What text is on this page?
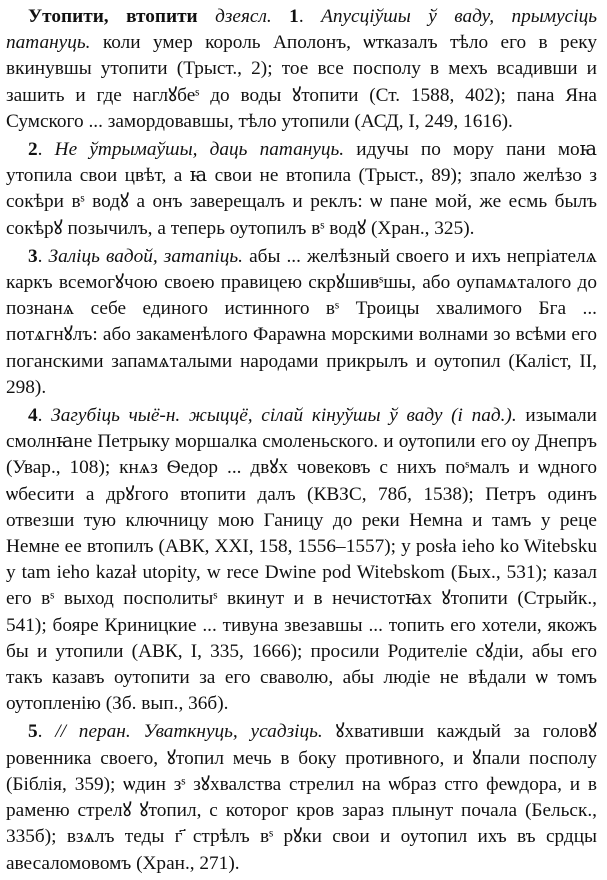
Утопити, втопити дзеясл. 1. Апусціўшы ў ваду, прымусіць патануць. коли умер король Аполонъ, ѡтказалъ тѣло его в реку вкинувшы утопити (Трыст., 2); тое все посполу в мехъ всадивши и зашить и где наглꙋбеˢ до воды ꙋтопити (Ст. 1588, 402); пана Яна Сумского ... замордовавшы, тѣло утопили (АСД, I, 249, 1616).

2. Не ўтрымаўшы, даць патануць. идучы по мору пани моꙗ утопила свои цвѣт, а ꙗ свои не втопила (Трыст., 89); зпало желѣзо з сокѣри вˢ водꙋ а онъ заверещалъ и реклъ: ѡ пане мой, же есмь былъ сокѣрꙋ позычилъ, а теперь оутопилъ вˢ водꙋ (Хран., 325).

3. Заліць вадой, затапіць. абы ... желѣзный своего и ихъ непріателѧ каркъ всемогꙋчою своею правицею скрꙋшивˢшы, або оупамѧталого до познанѧ себе единого истинного вˢ Троицы хвалимого Бга ... потѧгнꙋлъ: або закаменѣлого Фараѡна морскими волнами зо всѣми его поганскими запамѧталыми народами прикрылъ и оутопил (Каліст, II, 298).

4. Загубіць чыё-н. жыццё, сілай кінуўшы ў ваду (і пад.). изымали смолнꙗне Петрыку моршалка смоленьского. и оутопили его оу Днепръ (Увар., 108); кнѧз Ѳедор ... двꙋх човековъ с нихъ поˢмалъ и ѡдного ѡбесити а дрꙋгого втопити далъ (КВЗС, 78б, 1538); Петръ одинъ отвезши тую ключницу мою Ганицу до реки Немна и тамъ у реце Немне ее втопилъ (АВК, XXI, 158, 1556–1557); y posła ieho ko Witebsku y tam ieho kazał utopity, w rece Dwine pod Witebskom (Бых., 531); казал его вˢ выход посполитыˢ вкинут и в нечистотꙗх ꙋтопити (Стрыйк., 541); бояре Криницкие ... тивуна звезавшы ... топить его хотели, якожъ бы и утопили (АВК, I, 335, 1666); просили Родителіе сꙋдіи, абы его такъ казавъ оутопити за его сваволю, абы людіе не вѣдали ѡ томъ оутопленію (Зб. вып., 36б).

5. // перан. Уваткнуць, усадзіць. ꙋхвативши каждый за головꙋ ровенника своего, ꙋтопил мечь в боку противного, и ꙋпали посполу (Біблія, 359); ѡдин зˢ зꙋхвалства стрелил на ѡбраз стго феѡдора, и в раменю стрелꙋ ꙋтопил, с которог кров зараз плынут почала (Бельск., 335б); взѧлъ теды г҃ стрѣлъ вˢ рꙋки свои и оутопил ихъ въ срдцы авесаломовомъ (Хран., 271).
